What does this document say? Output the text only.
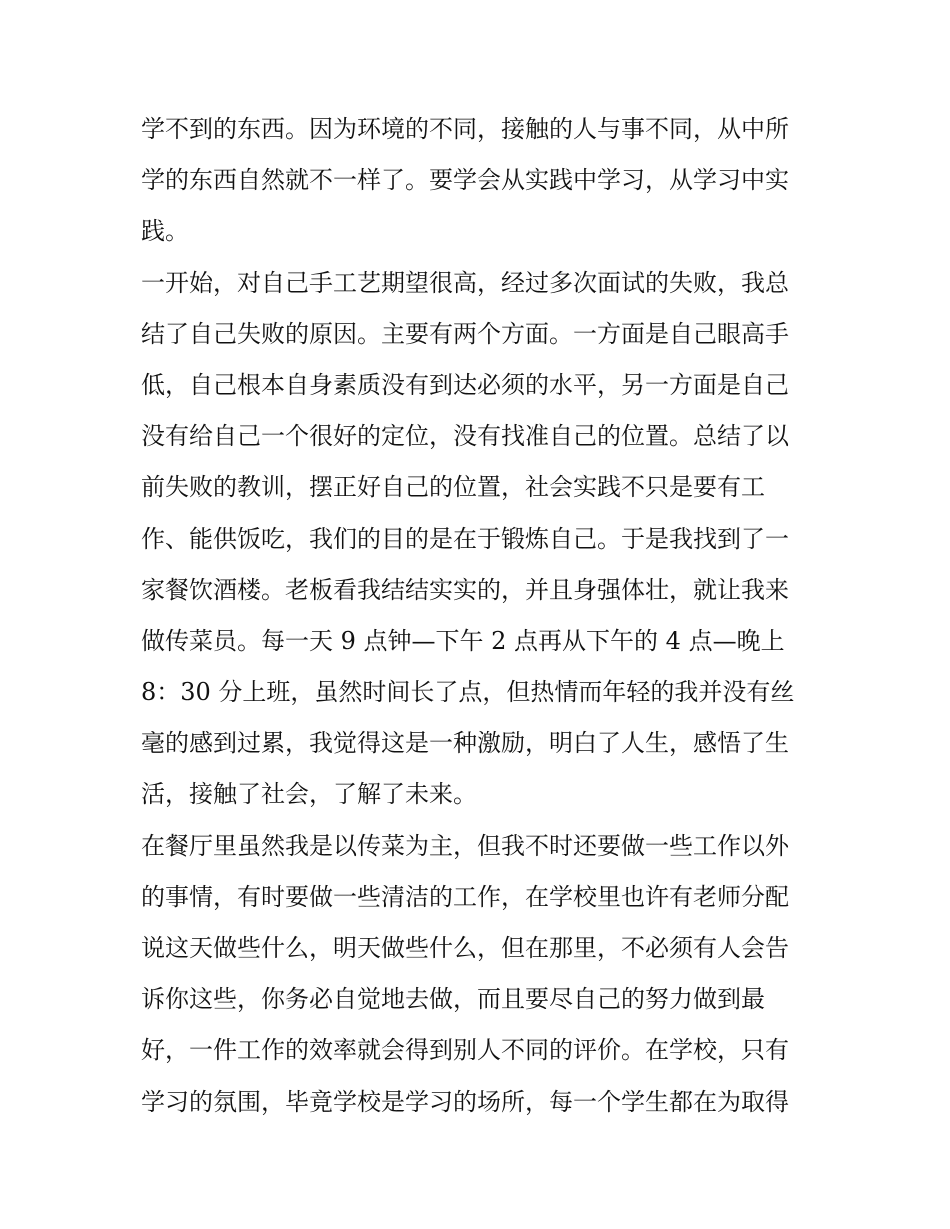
学不到的东西。因为环境的不同，接触的人与事不同，从中所
学的东西自然就不一样了。要学会从实践中学习，从学习中实
践。
一开始，对自己手工艺期望很高，经过多次面试的失败，我总
结了自己失败的原因。主要有两个方面。一方面是自己眼高手
低，自己根本自身素质没有到达必须的水平，另一方面是自己
没有给自己一个很好的定位，没有找准自己的位置。总结了以
前失败的教训，摆正好自己的位置，社会实践不只是要有工
作、能供饭吃，我们的目的是在于锻炼自己。于是我找到了一
家餐饮酒楼。老板看我结结实实的，并且身强体壮，就让我来
做传菜员。每一天 9 点钟—下午 2 点再从下午的 4 点—晚上
8：30 分上班，虽然时间长了点，但热情而年轻的我并没有丝
毫的感到过累，我觉得这是一种激励，明白了人生，感悟了生
活，接触了社会，了解了未来。
在餐厅里虽然我是以传菜为主，但我不时还要做一些工作以外
的事情，有时要做一些清洁的工作，在学校里也许有老师分配
说这天做些什么，明天做些什么，但在那里，不必须有人会告
诉你这些，你务必自觉地去做，而且要尽自己的努力做到最
好，一件工作的效率就会得到别人不同的评价。在学校，只有
学习的氛围，毕竟学校是学习的场所，每一个学生都在为取得
